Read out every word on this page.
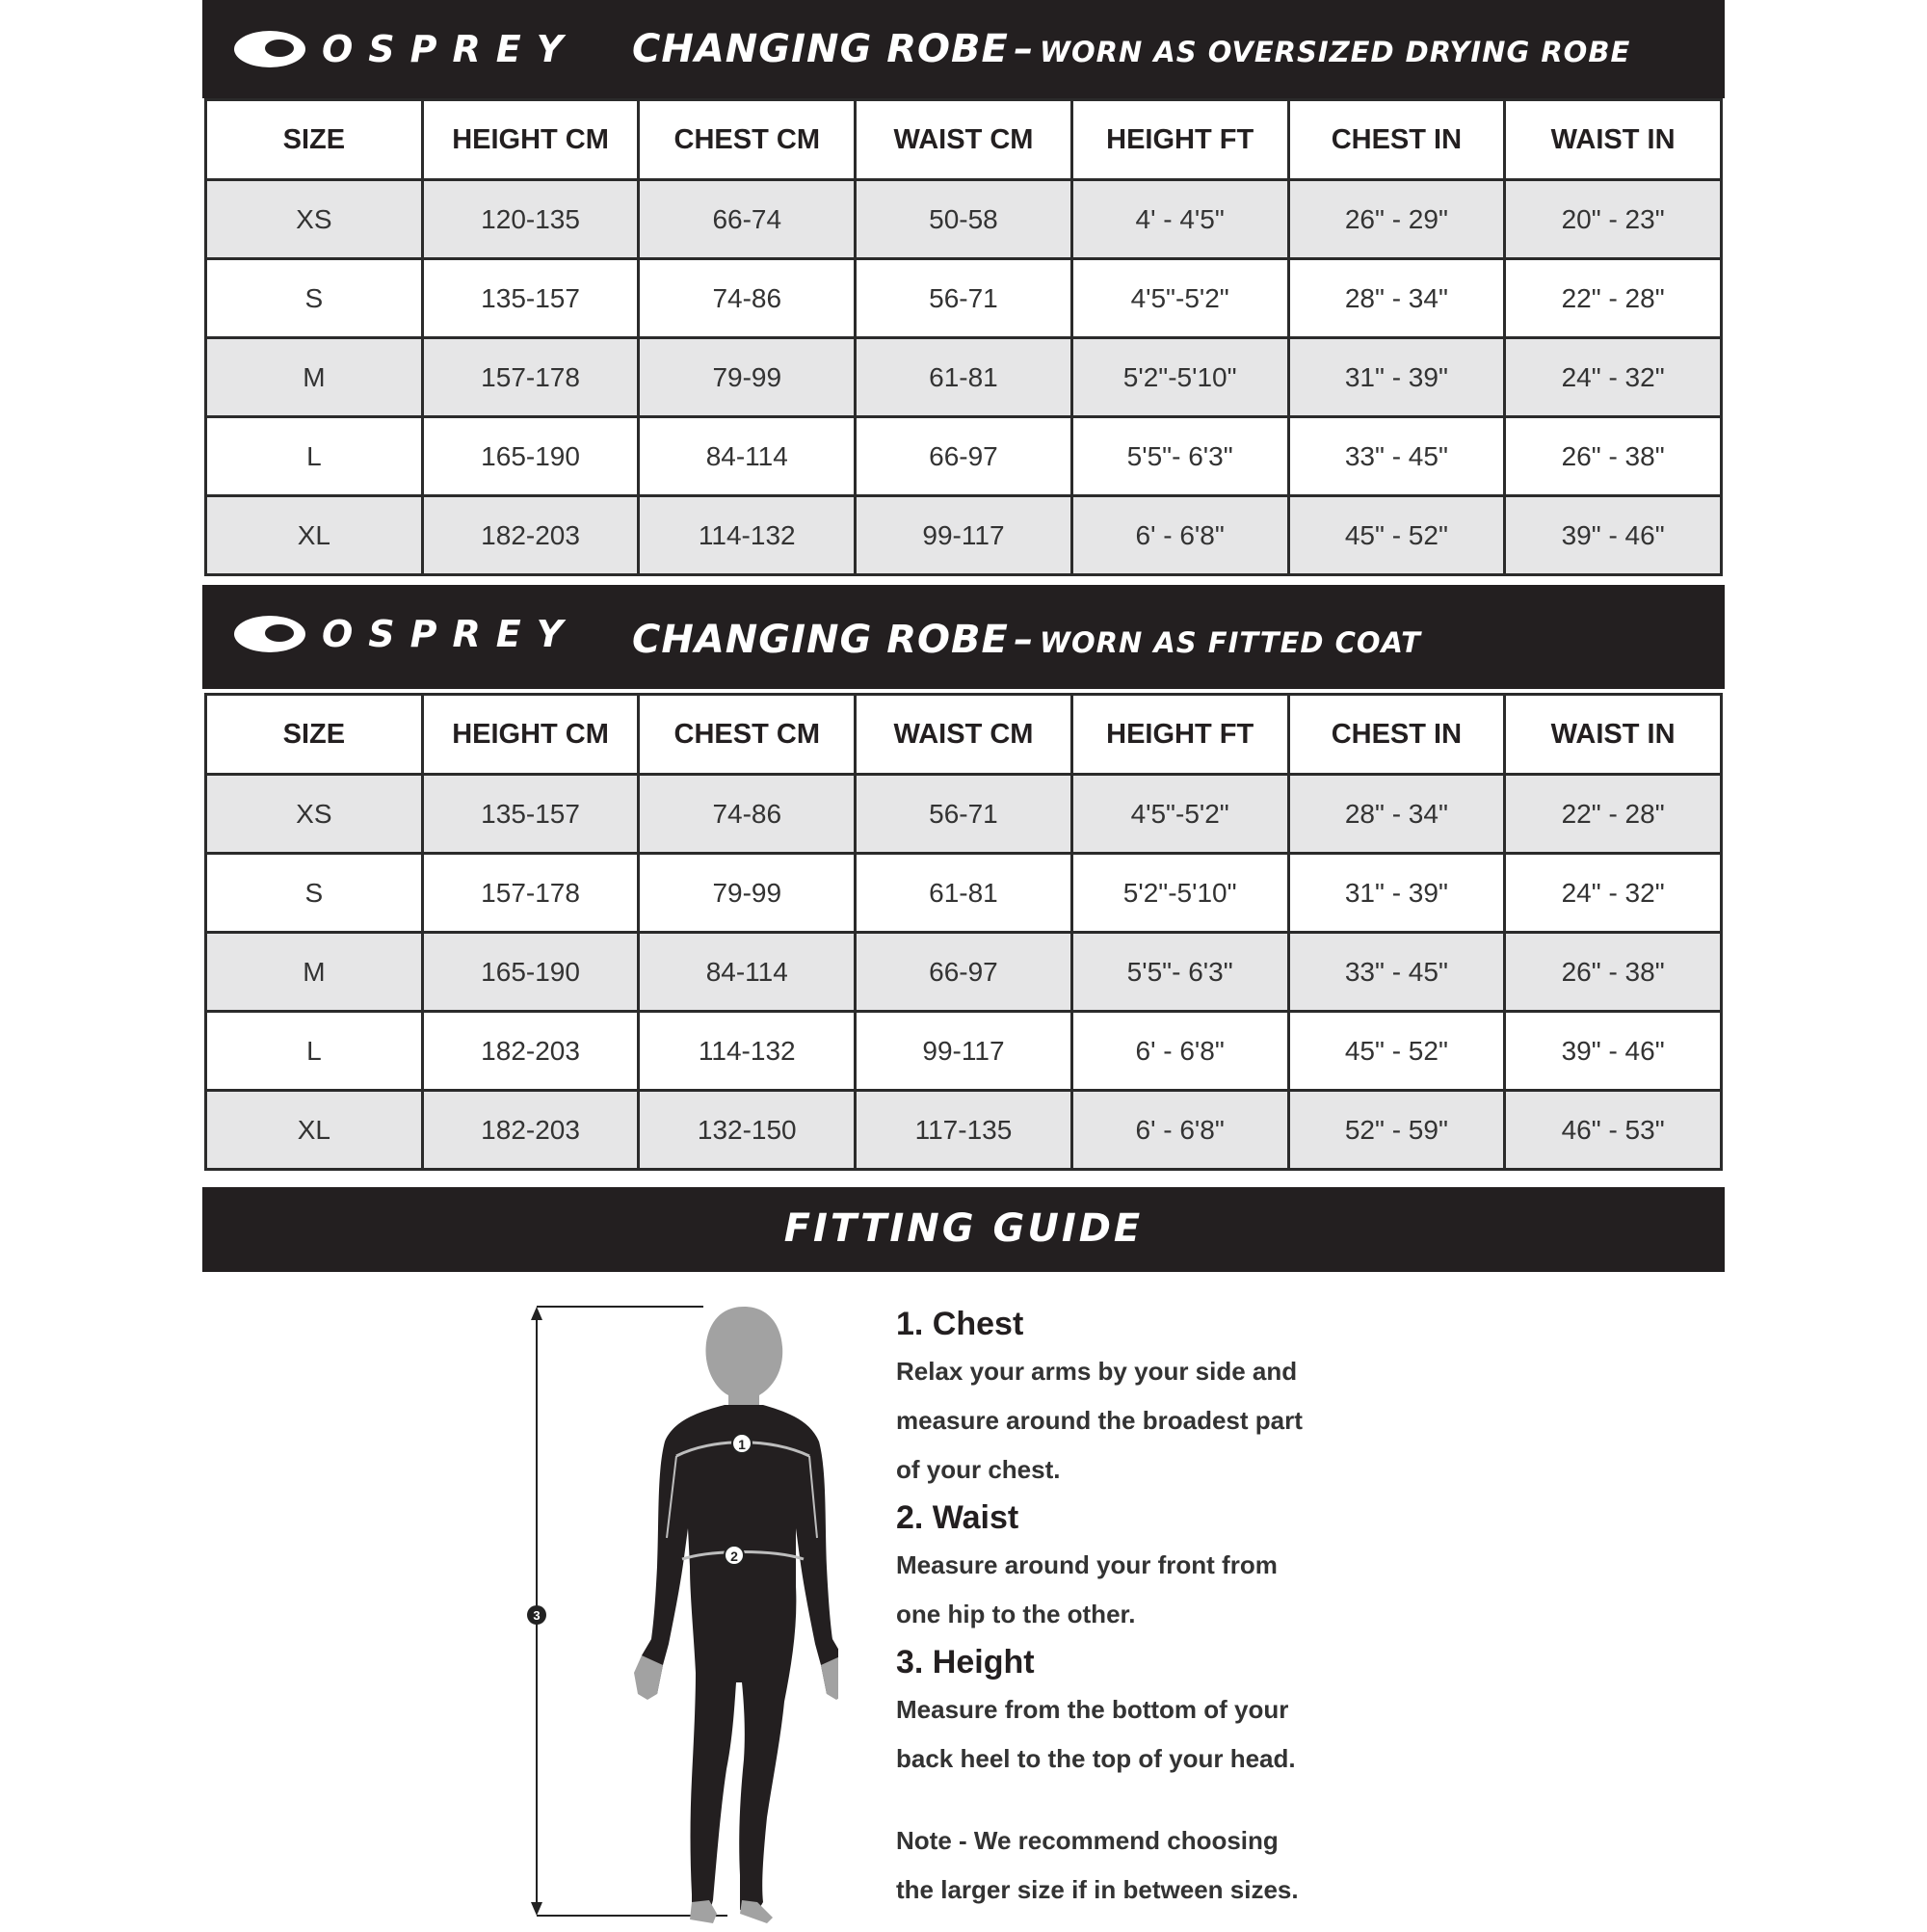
OSPREY CHANGING ROBE – WORN AS OVERSIZED DRYING ROBE
SIZE	HEIGHT CM	CHEST CM	WAIST CM	HEIGHT FT	CHEST IN	WAIST IN
XS	120-135	66-74	50-58	4' - 4'5"	26" - 29"	20" - 23"
S	135-157	74-86	56-71	4'5"-5'2"	28" - 34"	22" - 28"
M	157-178	79-99	61-81	5'2"-5'10"	31" - 39"	24" - 32"
L	165-190	84-114	66-97	5'5"- 6'3"	33" - 45"	26" - 38"
XL	182-203	114-132	99-117	6' - 6'8"	45" - 52"	39" - 46"
OSPREY CHANGING ROBE – WORN AS FITTED COAT
SIZE	HEIGHT CM	CHEST CM	WAIST CM	HEIGHT FT	CHEST IN	WAIST IN
XS	135-157	74-86	56-71	4'5"-5'2"	28" - 34"	22" - 28"
S	157-178	79-99	61-81	5'2"-5'10"	31" - 39"	24" - 32"
M	165-190	84-114	66-97	5'5"- 6'3"	33" - 45"	26" - 38"
L	182-203	114-132	99-117	6' - 6'8"	45" - 52"	39" - 46"
XL	182-203	132-150	117-135	6' - 6'8"	52" - 59"	46" - 53"
FITTING GUIDE
1
2
3
1. Chest

Relax your arms by your side and

measure around the broadest part

of your chest.

2. Waist

Measure around your front from

one hip to the other.

3. Height

Measure from the bottom of your

back heel to the top of your head.

Note - We recommend choosing

the larger size if in between sizes.
